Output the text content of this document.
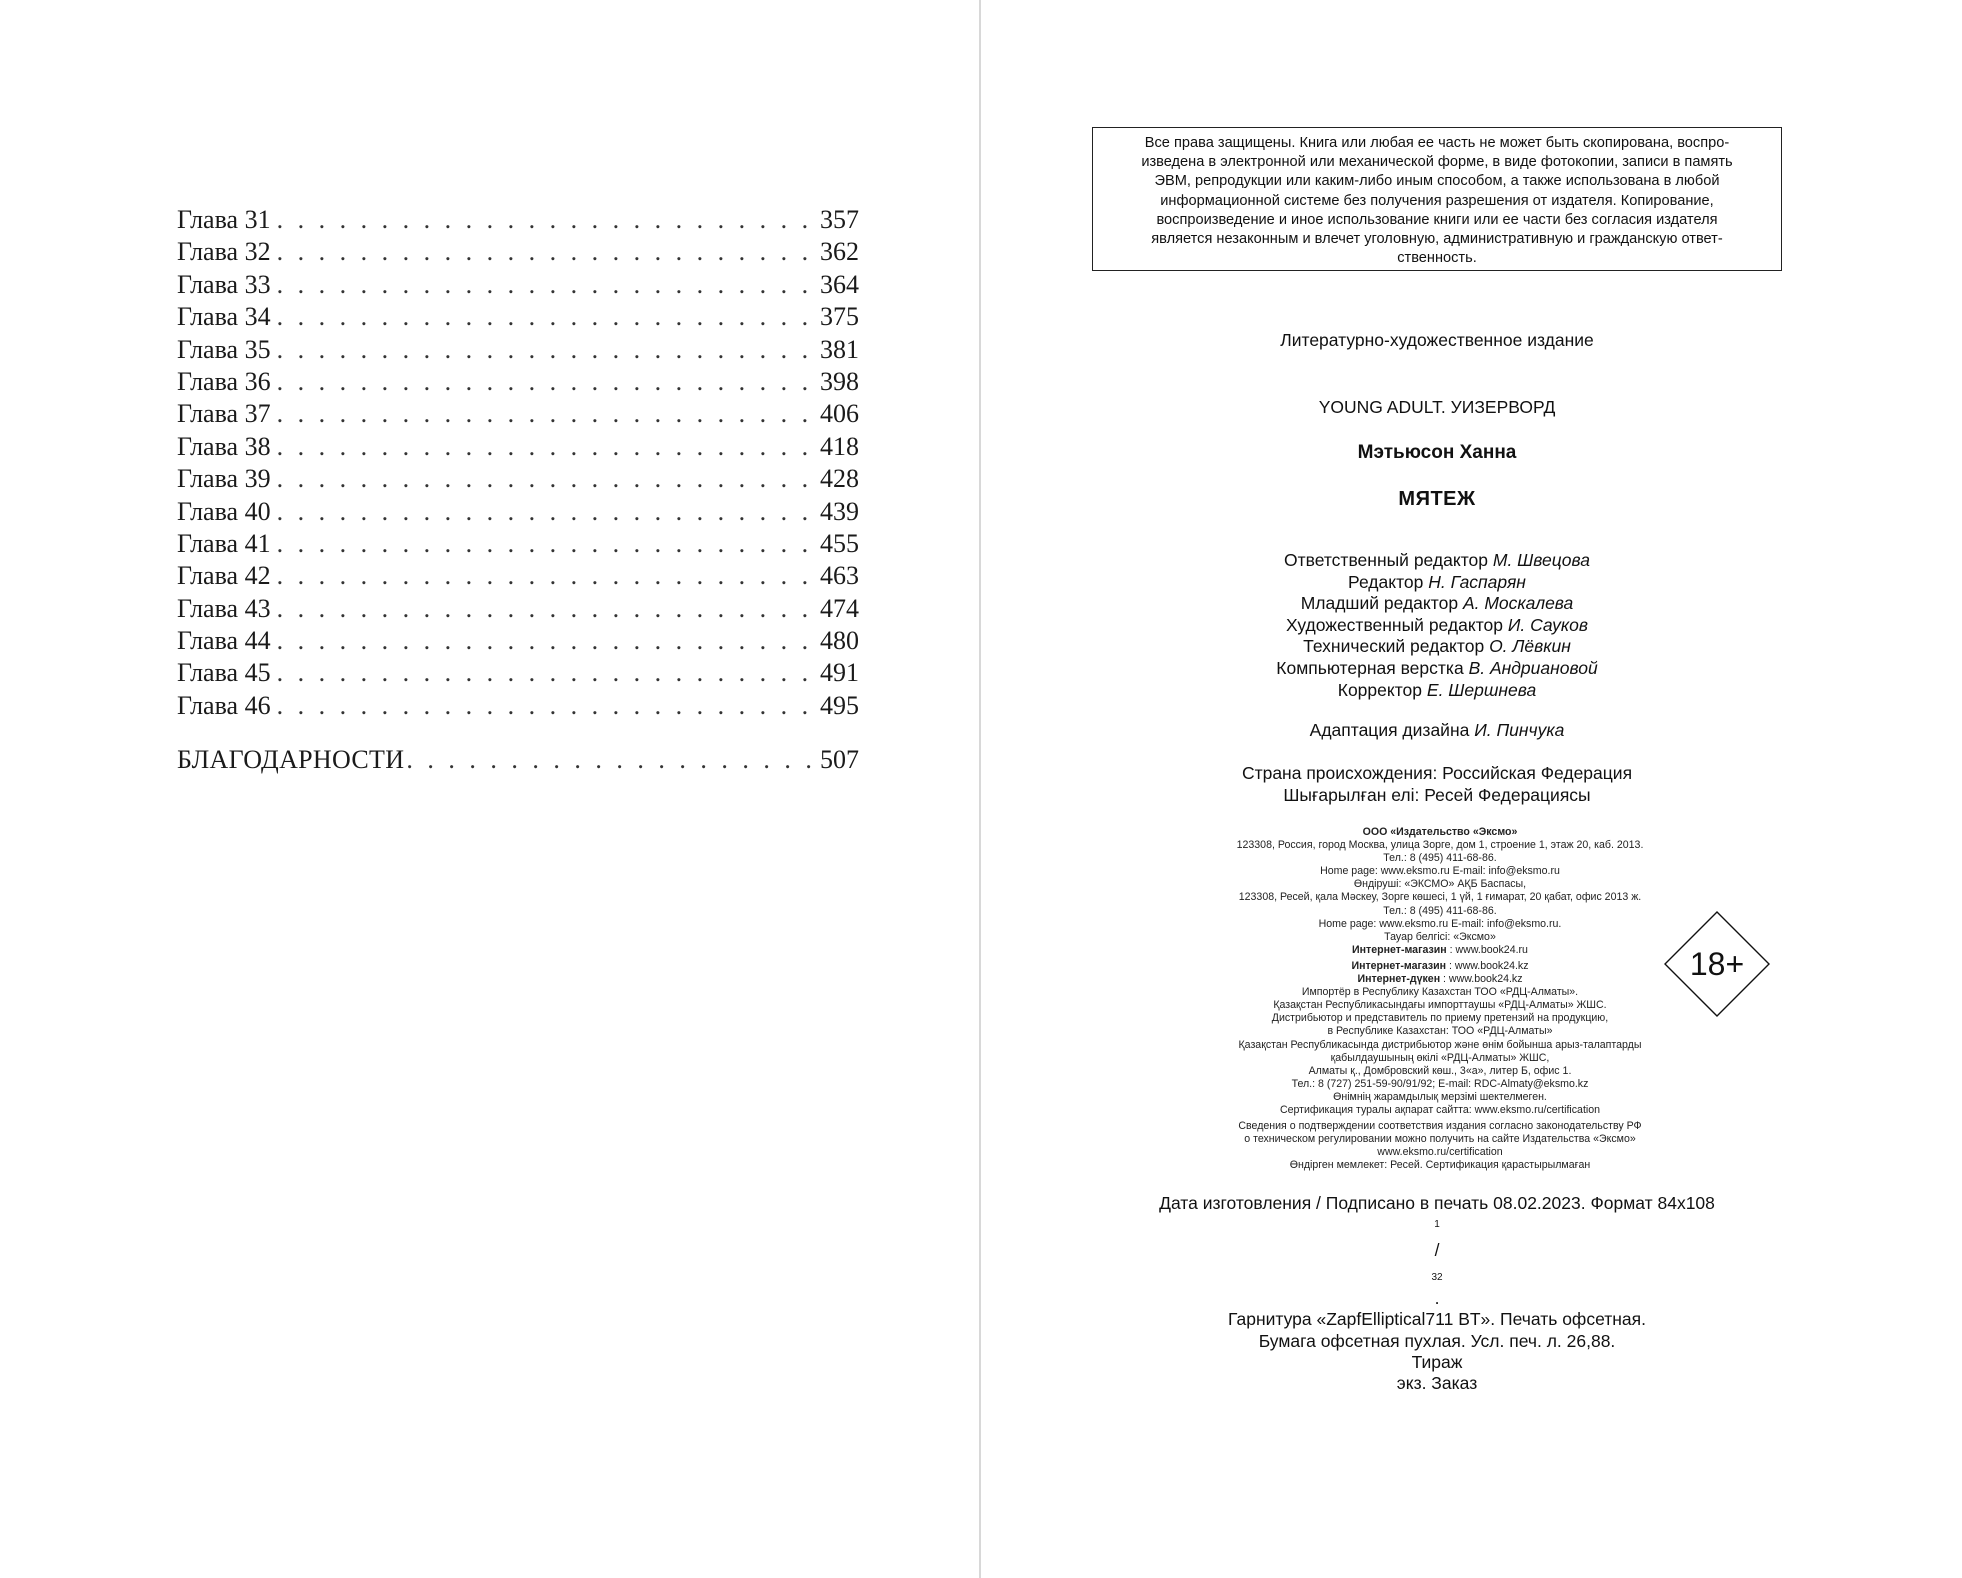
Глава 31 . . .	357
Глава 32 . . .	362
Глава 33 . . .	364
Глава 34 . . .	375
Глава 35 . . .	381
Глава 36 . . .	398
Глава 37 . . .	406
Глава 38 . . .	418
Глава 39 . . .	428
Глава 40 . . .	439
Глава 41 . . .	455
Глава 42 . . .	463
Глава 43 . . .	474
Глава 44 . . .	480
Глава 45 . . .	491
Глава 46 . . .	495
БЛАГОДАРНОСТИ . . .	507
Все права защищены. Книга или любая ее часть не может быть скопирована, воспро-
изведена в электронной или механической форме, в виде фотокопии, записи в память
ЭВМ, репродукции или каким-либо иным способом, а также использована в любой
информационной системе без получения разрешения от издателя. Копирование,
воспроизведение и иное использование книги или ее части без согласия издателя
является незаконным и влечет уголовную, административную и гражданскую ответ-
ственность.
Литературно-художественное издание
YOUNG ADULT. УИЗЕРВОРД
Мэтьюсон Ханна
МЯТЕЖ
Ответственный редактор М. Швецова
Редактор Н. Гаспарян
Младший редактор А. Москалева
Художественный редактор И. Сауков
Технический редактор О. Лёвкин
Компьютерная верстка В. Андриановой
Корректор Е. Шершнева
Адаптация дизайна И. Пинчука
Страна происхождения: Российская Федерация
Шығарылған елі: Ресей Федерациясы
ООО «Издательство «Эксмо»
123308, Россия, город Москва, улица Зорге, дом 1, строение 1, этаж 20, каб. 2013.
Тел.: 8 (495) 411-68-86.
Home page: www.eksmo.ru E-mail: info@eksmo.ru
Өндіруші: «ЭКСМО» АҚБ Баспасы,
123308, Ресей, қала Мәскеу, Зорге көшесі, 1 үй, 1 ғимарат, 20 қабат, офис 2013 ж.
Тел.: 8 (495) 411-68-86.
Home page: www.eksmo.ru E-mail: info@eksmo.ru.
Тауар белгісі: «Эксмо»
Интернет-магазин : www.book24.ru
Интернет-магазин : www.book24.kz
Интернет-дүкен : www.book24.kz
Импортёр в Республику Казахстан ТОО «РДЦ-Алматы».
Қазақстан Республикасындағы импорттаушы «РДЦ-Алматы» ЖШС.
Дистрибьютор и представитель по приему претензий на продукцию,
в Республике Казахстан: ТОО «РДЦ-Алматы»
Қазақстан Республикасында дистрибьютор және өнім бойынша арыз-талаптарды
қабылдаушының өкілі «РДЦ-Алматы» ЖШС,
Алматы қ., Домбровский көш., 3«а», литер Б, офис 1.
Тел.: 8 (727) 251-59-90/91/92; E-mail: RDC-Almaty@eksmo.kz
Өнімнің жарамдылық мерзімі шектелмеген.
Сертификация туралы ақпарат сайтта: www.eksmo.ru/certification
Сведения о подтверждении соответствия издания согласно законодательству РФ
о техническом регулировании можно получить на сайте Издательства «Эксмо»
www.eksmo.ru/certification
Өндірген мемлекет: Ресей. Сертификация қарастырылмаған
18+
Дата изготовления / Подписано в печать 08.02.2023. Формат 84х108
$^1$
/
$_{32}$
.
Гарнитура «ZapfElliptical711 BT». Печать офсетная.
Бумага офсетная пухлая. Усл. печ. л. 26,88.
Тираж
экз. Заказ
